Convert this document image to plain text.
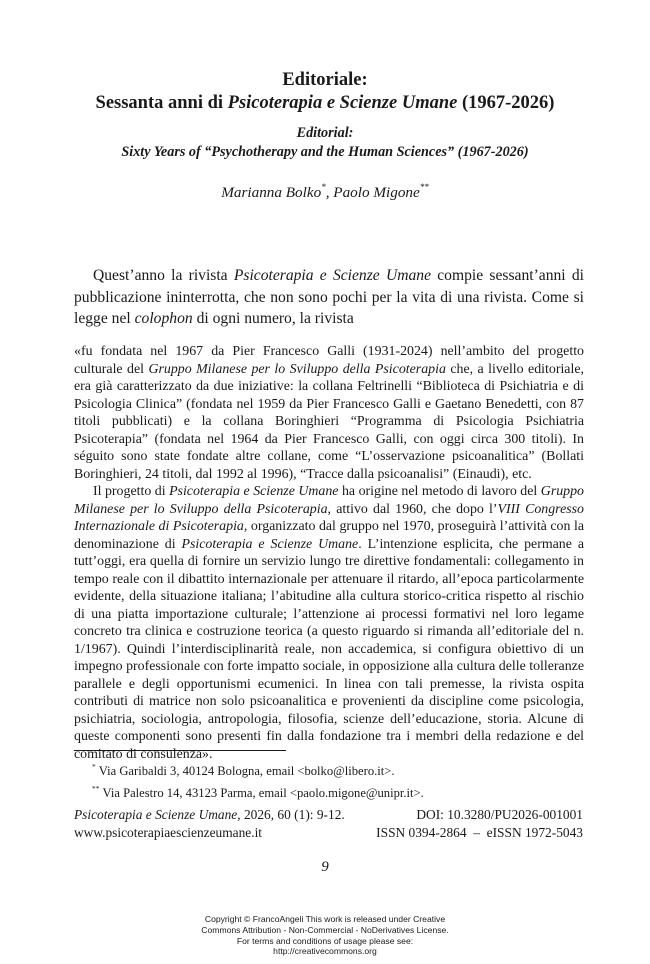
Editoriale:
Sessanta anni di Psicoterapia e Scienze Umane (1967-2026)
Editorial:
Sixty Years of “Psychotherapy and the Human Sciences” (1967-2026)
Marianna Bolko*, Paolo Migone**
Quest’anno la rivista Psicoterapia e Scienze Umane compie sessant’anni di pubblicazione ininterrotta, che non sono pochi per la vita di una rivista. Come si legge nel colophon di ogni numero, la rivista

«fu fondata nel 1967 da Pier Francesco Galli (1931-2024) nell’ambito del progetto culturale del Gruppo Milanese per lo Sviluppo della Psicoterapia che, a livello editoriale, era già caratterizzato da due iniziative: la collana Feltrinelli “Biblioteca di Psichiatria e di Psicologia Clinica” (fondata nel 1959 da Pier Francesco Galli e Gaetano Benedetti, con 87 titoli pubblicati) e la collana Boringhieri “Programma di Psicologia Psichiatria Psicoterapia” (fondata nel 1964 da Pier Francesco Galli, con oggi circa 300 titoli). In séguito sono state fondate altre collane, come “L’osservazione psicoanalitica” (Bollati Boringhieri, 24 titoli, dal 1992 al 1996), “Tracce dalla psicoanalisi” (Einaudi), etc.

Il progetto di Psicoterapia e Scienze Umane ha origine nel metodo di lavoro del Gruppo Milanese per lo Sviluppo della Psicoterapia, attivo dal 1960, che dopo l’VIII Congresso Internazionale di Psicoterapia, organizzato dal gruppo nel 1970, proseguirà l’attività con la denominazione di Psicoterapia e Scienze Umane. L’intenzione esplicita, che permane a tutt’oggi, era quella di fornire un servizio lungo tre direttive fondamentali: collegamento in tempo reale con il dibattito internazionale per attenuare il ritardo, all’epoca particolarmente evidente, della situazione italiana; l’abitudine alla cultura storico-critica rispetto al rischio di una piatta importazione culturale; l’attenzione ai processi formativi nel loro legame concreto tra clinica e costruzione teorica (a questo riguardo si rimanda all’editoriale del n. 1/1967). Quindi l’interdisciplinarità reale, non accademica, si configura obiettivo di un impegno professionale con forte impatto sociale, in opposizione alla cultura delle tolleranze parallele e degli opportunismi ecumenici. In linea con tali premesse, la rivista ospita contributi di matrice non solo psicoanalitica e provenienti da discipline come psicologia, psichiatria, sociologia, antropologia, filosofia, scienze dell’educazione, storia. Alcune di queste componenti sono presenti fin dalla fondazione tra i membri della redazione e del comitato di consulenza».

* Via Garibaldi 3, 40124 Bologna, email <bolko@libero.it>.
** Via Palestro 14, 43123 Parma, email <paolo.migone@unipr.it>.
Psicoterapia e Scienze Umane, 2026, 60 (1): 9-12.
www.psicoterapiaescienzeumane.it
DOI: 10.3280/PU2026-001001
ISSN 0394-2864  –  eISSN 1972-5043
9
Copyright © FrancoAngeli This work is released under Creative
Commons Attribution - Non-Commercial - NoDerivatives License.
For terms and conditions of usage please see:
http://creativecommons.org
